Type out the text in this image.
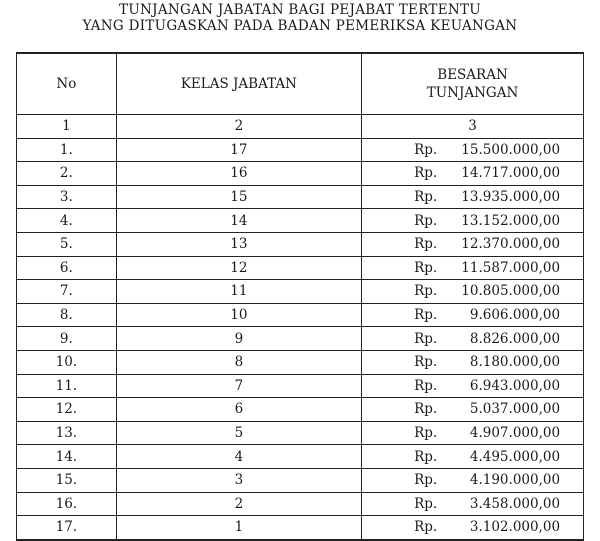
TUNJANGAN JABATAN BAGI PEJABAT TERTENTU
YANG DITUGASKAN PADA BADAN PEMERIKSA KEUANGAN
No	KELAS JABATAN	BESARAN
TUNJANGAN
1	2	3
1.	17	Rp. 15.500.000,00
2.	16	Rp. 14.717.000,00
3.	15	Rp. 13.935.000,00
4.	14	Rp. 13.152.000,00
5.	13	Rp. 12.370.000,00
6.	12	Rp. 11.587.000,00
7.	11	Rp. 10.805.000,00
8.	10	Rp. 9.606.000,00
9.	9	Rp. 8.826.000,00
10.	8	Rp. 8.180.000,00
11.	7	Rp. 6.943.000,00
12.	6	Rp. 5.037.000,00
13.	5	Rp. 4.907.000,00
14.	4	Rp. 4.495.000,00
15.	3	Rp. 4.190.000,00
16.	2	Rp. 3.458.000,00
17.	1	Rp. 3.102.000,00
